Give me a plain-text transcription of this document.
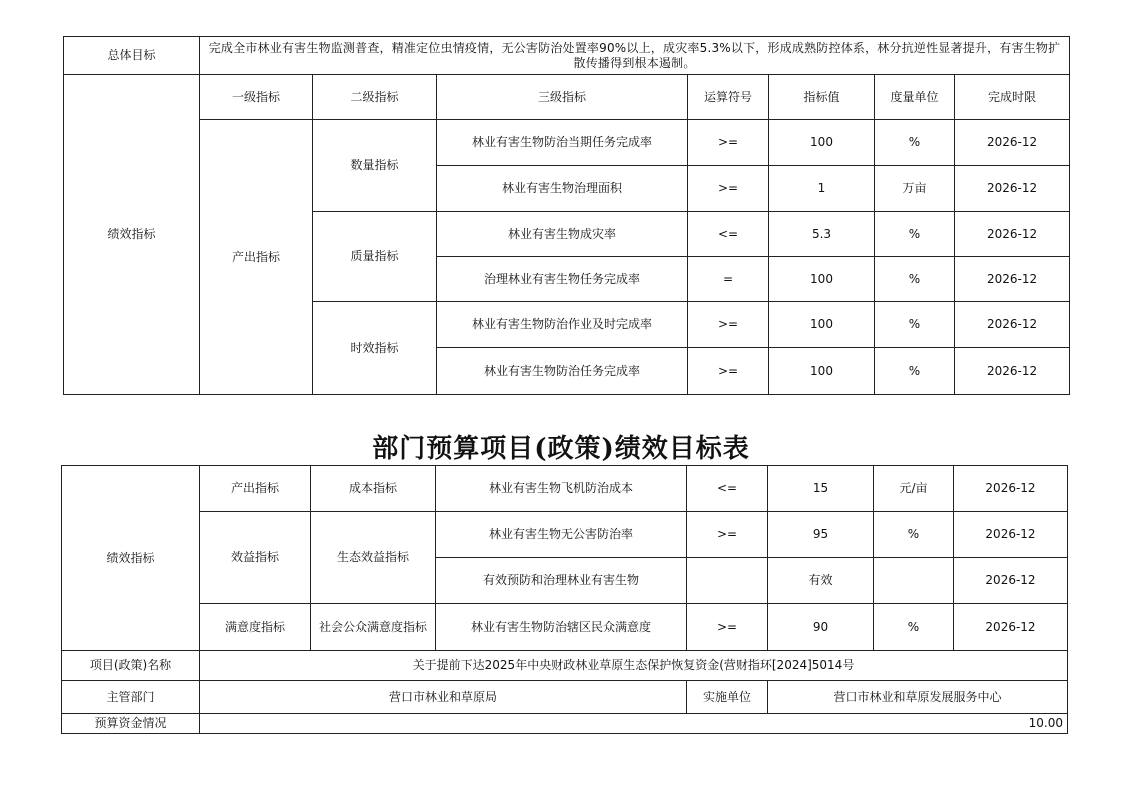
总体目标	完成全市林业有害生物监测普查，精准定位虫情疫情，无公害防治处置率90%以上，成灾率5.3%以下，形成成熟防控体系，林分抗逆性显著提升，有害生物扩散传播得到根本遏制。						
绩效指标	一级指标	二级指标	三级指标	运算符号	指标值	度量单位	完成时限
	产出指标	数量指标	林业有害生物防治当期任务完成率	>=	100	%	2026-12
			林业有害生物治理面积	>=	1	万亩	2026-12
		质量指标	林业有害生物成灾率	<=	5.3	%	2026-12
			治理林业有害生物任务完成率	=	100	%	2026-12
		时效指标	林业有害生物防治作业及时完成率	>=	100	%	2026-12
			林业有害生物防治任务完成率	>=	100	%	2026-12
部门预算项目(政策)绩效目标表
绩效指标	产出指标	成本指标	林业有害生物飞机防治成本	<=	15	元/亩	2026-12
	效益指标	生态效益指标	林业有害生物无公害防治率	>=	95	%	2026-12
			有效预防和治理林业有害生物		有效		2026-12
	满意度指标	社会公众满意度指标	林业有害生物防治辖区民众满意度	>=	90	%	2026-12
项目(政策)名称	关于提前下达2025年中央财政林业草原生态保护恢复资金(营财指环[2024]5014号						
主管部门	营口市林业和草原局			实施单位	营口市林业和草原发展服务中心		
预算资金情况	10.00						
